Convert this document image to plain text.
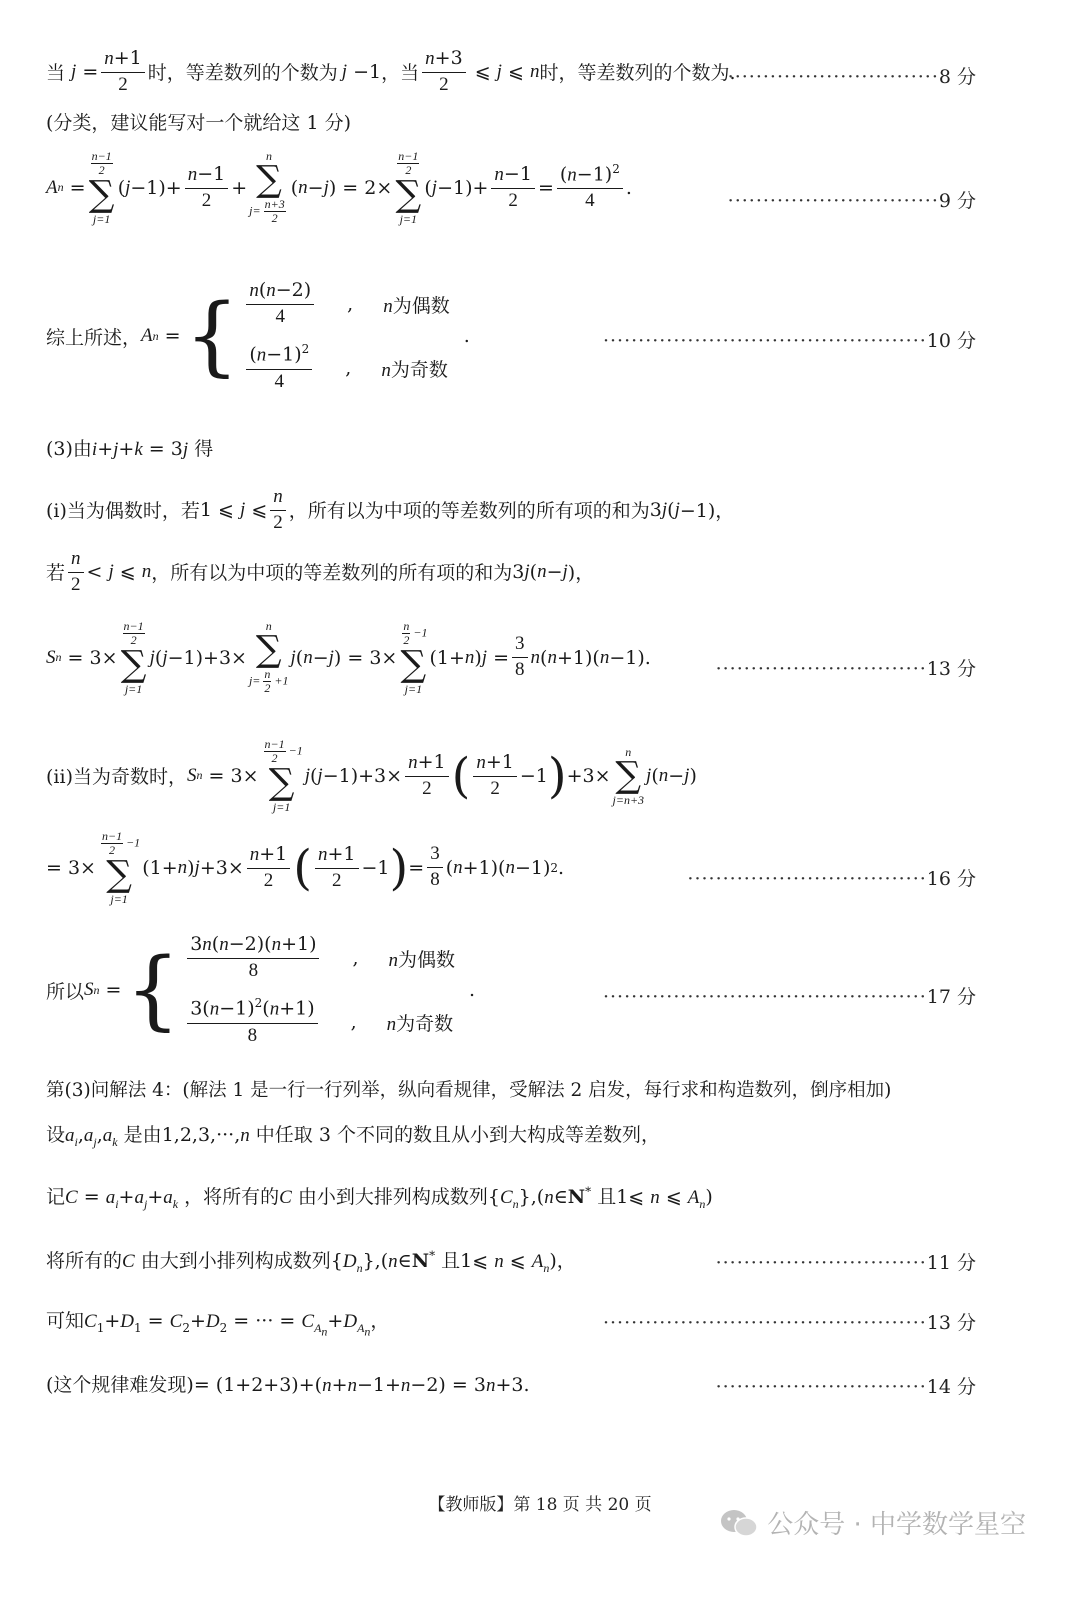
当 $j = \frac{n+1}{2}$ 时，等差数列的个数为 j −1 ，当 $\frac{n+3}{2}$ ⩽ j ⩽ n 时，等差数列的个数为.
······························8 分
(分类，建议能写对一个就给这 1 分)
A n =
$\frac{n-1}{2}$
∑
j=1
( $j -1)+ \frac{n-1}{2}$ +
n
∑
$j= \frac{n+3}{2}$
( n − j ) = 2×
$\frac{n-1}{2}$
∑
j=1
( $j -1)+ \frac{n-1}{2} = \frac{(n-1)^2}{4}$ .
······························9 分
综上所述， A n = { $\frac{n(n-2)}{4}$ , n为偶数
$\frac{(n-1)^2}{4}$ , n为奇数
.	··············································10 分
(3)由i+j+k = 3j 得
(i)当为偶数时，若 1 ⩽ j ⩽ $\frac{n}{2}$ ，所有以为中项的等差数列的所有项的和为 3 j ( j −1)，
若 $\frac{n}{2} < j$ ⩽ n ，所有以为中项的等差数列的所有项的和为 3 j ( n − j )，
S n = 3×
$\frac{n-1}{2}$
∑
j=1
j ( j −1)+3×
n
∑
$j= \frac{n}{2} +1$
j ( n − j ) = 3×
$\frac{n}{2} -1$
∑
j=1
(1+ n ) $j = \frac{3}{8}$ n ( n +1)( n −1).
······························13 分
(ii)当为奇数时， S n = 3×
$\frac{n-1}{2} -1$
∑
j=1
j ( $j -1)+3\times \frac{n+1}{2}$ ( $\frac{n+1}{2} -1$ ) +3×
n
∑
j=n+3
j ( n − j )
= 3×
$\frac{n-1}{2} -1$
∑
j=1
(1+ n ) $j +3\times \frac{n+1}{2}$ ( $\frac{n+1}{2} -1$ ) = $\frac{3}{8}$ ( n +1)( n −1) 2 .
··································16 分
所以 S n = { $\frac{3n(n-2)(n+1)}{8}$ , n为偶数
$\frac{3(n-1)^2(n+1)}{8}$ , n为奇数
.	··············································17 分
第(3)问解法 4：(解法 1 是一行一行列举，纵向看规律，受解法 2 启发，每行求和构造数列，倒序相加)
设$a_i,a_j,a_k$ 是由1,2,3,···,n 中任取 3 个不同的数且从小到大构成等差数列，
记$C = a_i+a_j+a_k$ ，将所有的C 由小到大排列构成数列$\{C_n\},(n\in N^*$ 且1⩽ n ⩽ $A_n$)
将所有的C 由大到小排列构成数列$\{D_n\},(n\in N^*$ 且1⩽ n ⩽ $A_n$)，	······························11 分
可知$C_1+D_1 = C_2+D_2$ = ··· = $C_{A_n}+D_{A_n}$，	··············································13 分
(这个规律难发现)= (1+2+3)+(n+n−1+n−2) = 3n+3.	······························14 分
【教师版】第 18 页 共 20 页
公众号 · 中学数学星空
